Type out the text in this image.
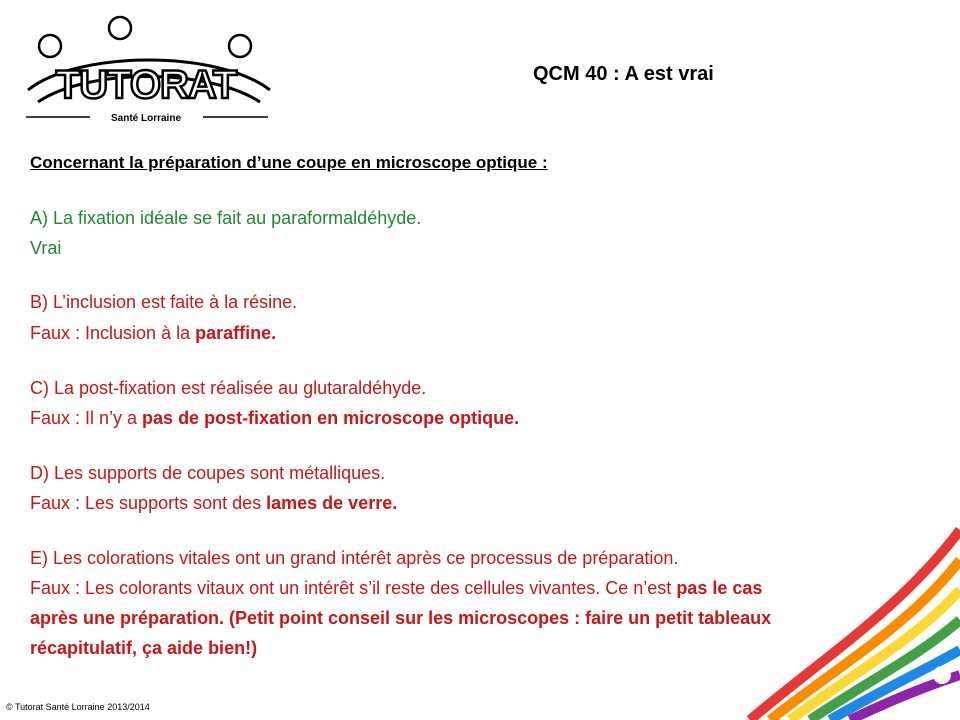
TUTORAT
Santé Lorraine
QCM 40 : A est vrai
Concernant la préparation d’une coupe en microscope optique :
A) La fixation idéale se fait au paraformaldéhyde.
Vrai
B) L’inclusion est faite à la résine.
Faux : Inclusion à la paraffine.
C) La post-fixation est réalisée au glutaraldéhyde.
Faux : Il n’y a pas de post-fixation en microscope optique.
D) Les supports de coupes sont métalliques.
Faux : Les supports sont des lames de verre.
E) Les colorations vitales ont un grand intérêt après ce processus de préparation.
Faux : Les colorants vitaux ont un intérêt s’il reste des cellules vivantes. Ce n’est pas le cas
après une préparation. (Petit point conseil sur les microscopes : faire un petit tableaux
récapitulatif, ça aide bien!)
© Tutorat Santé Lorraine 2013/2014
